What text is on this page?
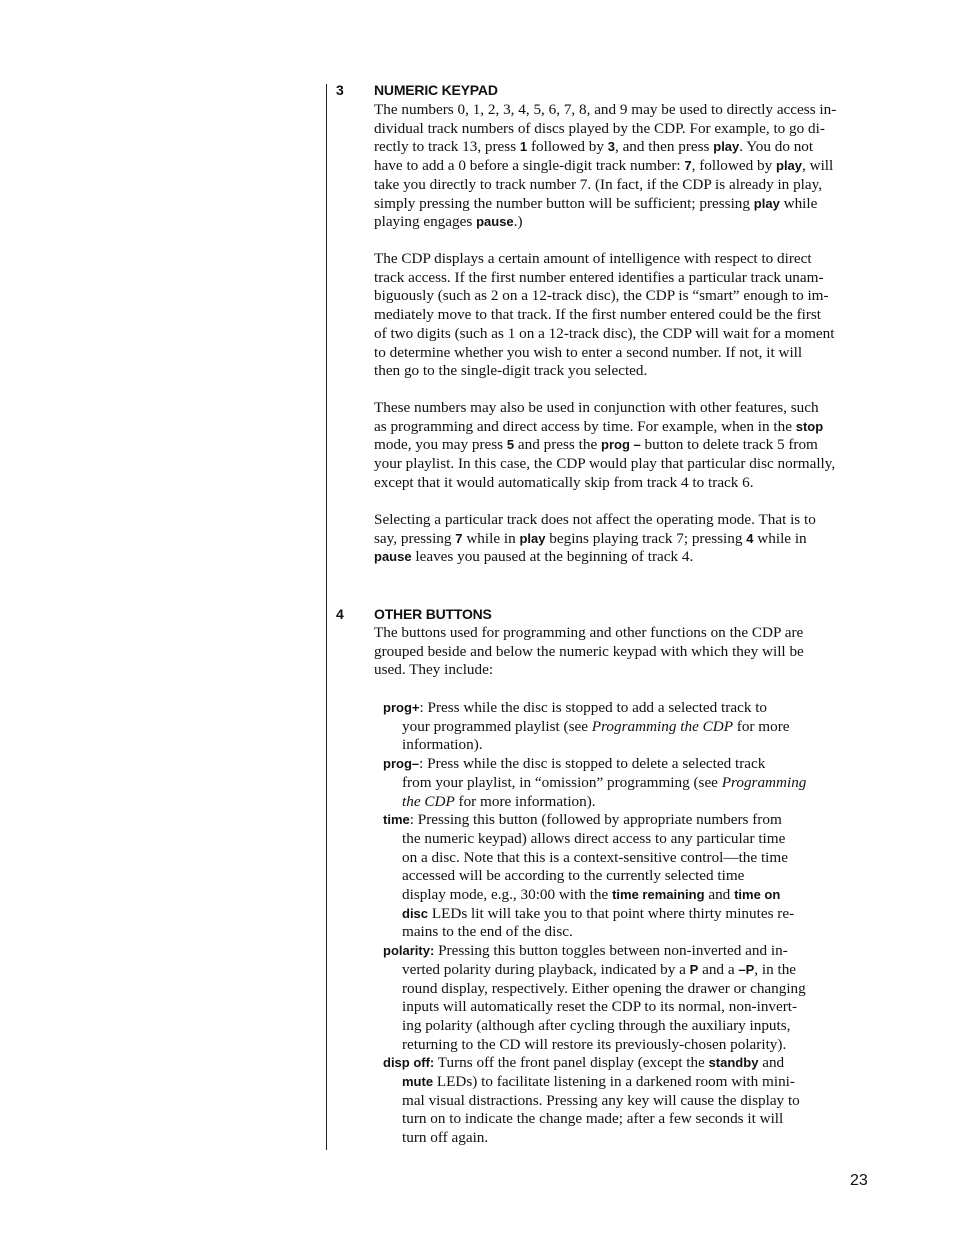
3 NUMERIC KEYPAD
The numbers 0, 1, 2, 3, 4, 5, 6, 7, 8, and 9 may be used to directly access in-
dividual track numbers of discs played by the CDP. For example, to go di-
rectly to track 13, press 1 followed by 3, and then press play. You do not
have to add a 0 before a single-digit track number: 7, followed by play, will
take you directly to track number 7. (In fact, if the CDP is already in play,
simply pressing the number button will be sufficient; pressing play while
playing engages pause.)
The CDP displays a certain amount of intelligence with respect to direct
track access. If the first number entered identifies a particular track unam-
biguously (such as 2 on a 12-track disc), the CDP is “smart” enough to im-
mediately move to that track. If the first number entered could be the first
of two digits (such as 1 on a 12-track disc), the CDP will wait for a moment
to determine whether you wish to enter a second number. If not, it will
then go to the single-digit track you selected.
These numbers may also be used in conjunction with other features, such
as programming and direct access by time. For example, when in the stop
mode, you may press 5 and press the prog – button to delete track 5 from
your playlist. In this case, the CDP would play that particular disc normally,
except that it would automatically skip from track 4 to track 6.
Selecting a particular track does not affect the operating mode. That is to
say, pressing 7 while in play begins playing track 7; pressing 4 while in
pause leaves you paused at the beginning of track 4.
4 OTHER BUTTONS
The buttons used for programming and other functions on the CDP are
grouped beside and below the numeric keypad with which they will be
used. They include:
prog+: Press while the disc is stopped to add a selected track to
your programmed playlist (see Programming the CDP for more
information).
prog–: Press while the disc is stopped to delete a selected track
from your playlist, in “omission” programming (see Programming
the CDP for more information).
time: Pressing this button (followed by appropriate numbers from
the numeric keypad) allows direct access to any particular time
on a disc. Note that this is a context-sensitive control—the time
accessed will be according to the currently selected time
display mode, e.g., 30:00 with the time remaining and time on
disc LEDs lit will take you to that point where thirty minutes re-
mains to the end of the disc.
polarity: Pressing this button toggles between non-inverted and in-
verted polarity during playback, indicated by a P and a –P, in the
round display, respectively. Either opening the drawer or changing
inputs will automatically reset the CDP to its normal, non-invert-
ing polarity (although after cycling through the auxiliary inputs,
returning to the CD will restore its previously-chosen polarity).
disp off: Turns off the front panel display (except the standby and
mute LEDs) to facilitate listening in a darkened room with mini-
mal visual distractions. Pressing any key will cause the display to
turn on to indicate the change made; after a few seconds it will
turn off again.
23
